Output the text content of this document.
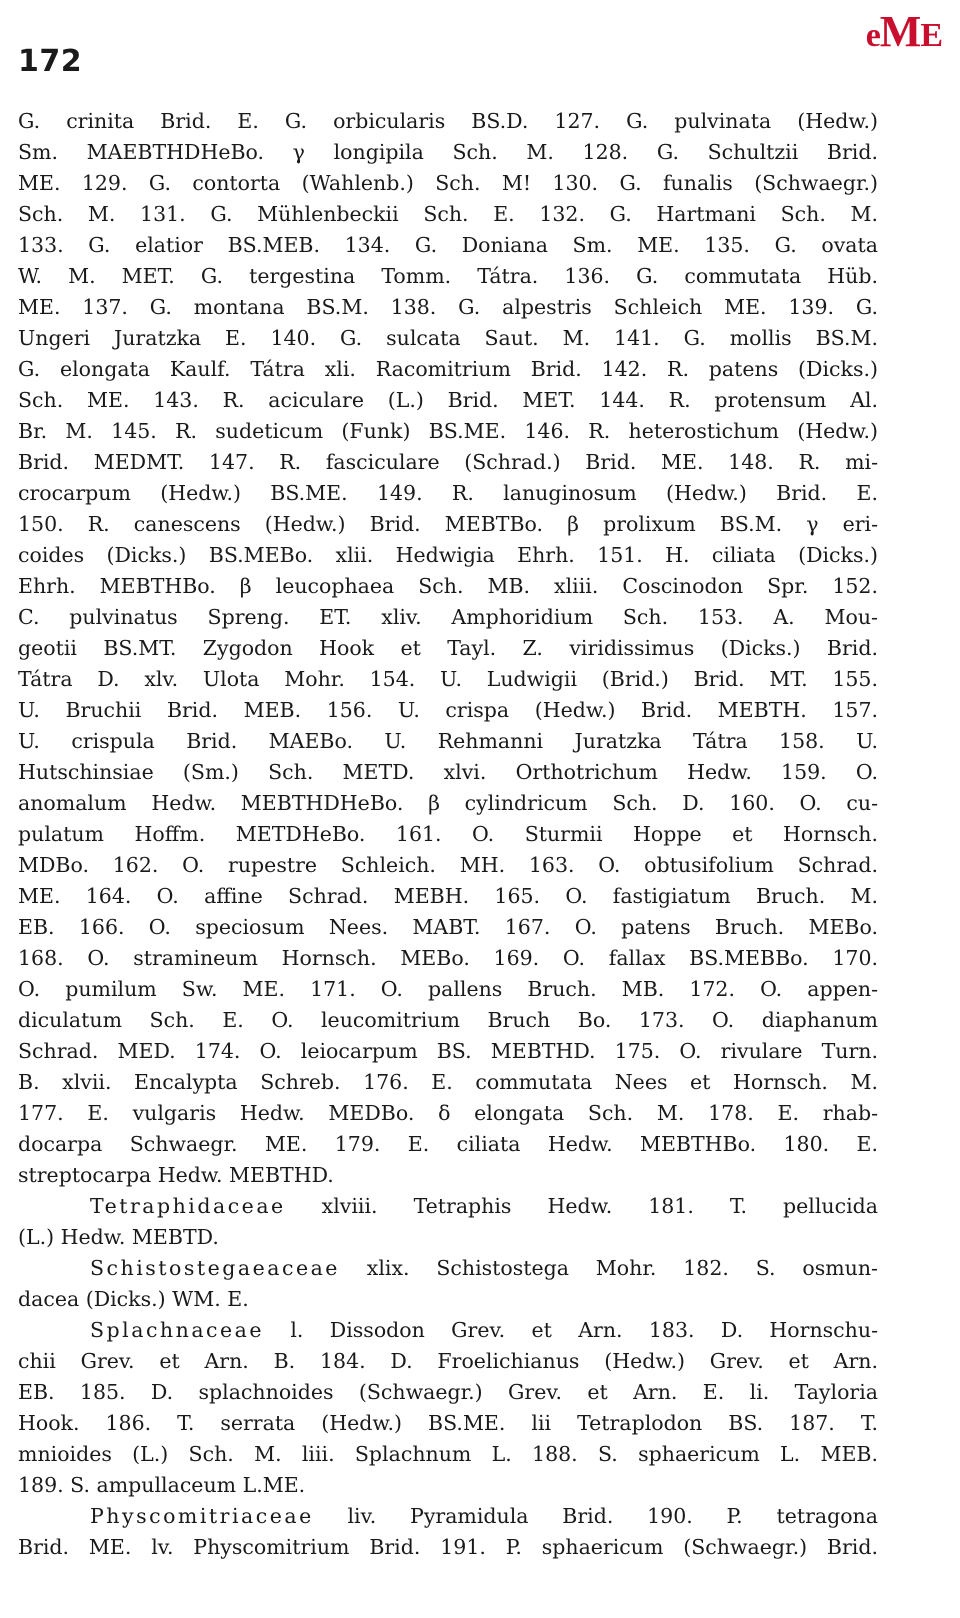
172
eME
G. crinita Brid. E. G. orbicularis BS.D. 127. G. pulvinata (Hedw.)
Sm. MAEBTHDHeBo. γ longipila Sch. M. 128. G. Schultzii Brid.
ME. 129. G. contorta (Wahlenb.) Sch. M! 130. G. funalis (Schwaegr.)
Sch. M. 131. G. Mühlenbeckii Sch. E. 132. G. Hartmani Sch. M.
133. G. elatior BS.MEB. 134. G. Doniana Sm. ME. 135. G. ovata
W. M. MET. G. tergestina Tomm. Tátra. 136. G. commutata Hüb.
ME. 137. G. montana BS.M. 138. G. alpestris Schleich ME. 139. G.
Ungeri Juratzka E. 140. G. sulcata Saut. M. 141. G. mollis BS.M.
G. elongata Kaulf. Tátra xli. Racomitrium Brid. 142. R. patens (Dicks.)
Sch. ME. 143. R. aciculare (L.) Brid. MET. 144. R. protensum Al.
Br. M. 145. R. sudeticum (Funk) BS.ME. 146. R. heterostichum (Hedw.)
Brid. MEDMT. 147. R. fasciculare (Schrad.) Brid. ME. 148. R. mi-
crocarpum (Hedw.) BS.ME. 149. R. lanuginosum (Hedw.) Brid. E.
150. R. canescens (Hedw.) Brid. MEBTBo. β prolixum BS.M. γ eri-
coides (Dicks.) BS.MEBo. xlii. Hedwigia Ehrh. 151. H. ciliata (Dicks.)
Ehrh. MEBTHBo. β leucophaea Sch. MB. xliii. Coscinodon Spr. 152.
C. pulvinatus Spreng. ET. xliv. Amphoridium Sch. 153. A. Mou-
geotii BS.MT. Zygodon Hook et Tayl. Z. viridissimus (Dicks.) Brid.
Tátra D. xlv. Ulota Mohr. 154. U. Ludwigii (Brid.) Brid. MT. 155.
U. Bruchii Brid. MEB. 156. U. crispa (Hedw.) Brid. MEBTH. 157.
U. crispula Brid. MAEBo. U. Rehmanni Juratzka Tátra 158. U.
Hutschinsiae (Sm.) Sch. METD. xlvi. Orthotrichum Hedw. 159. O.
anomalum Hedw. MEBTHDHeBo. β cylindricum Sch. D. 160. O. cu-
pulatum Hoffm. METDHeBo. 161. O. Sturmii Hoppe et Hornsch.
MDBo. 162. O. rupestre Schleich. MH. 163. O. obtusifolium Schrad.
ME. 164. O. affine Schrad. MEBH. 165. O. fastigiatum Bruch. M.
EB. 166. O. speciosum Nees. MABT. 167. O. patens Bruch. MEBo.
168. O. stramineum Hornsch. MEBo. 169. O. fallax BS.MEBBo. 170.
O. pumilum Sw. ME. 171. O. pallens Bruch. MB. 172. O. appen-
diculatum Sch. E. O. leucomitrium Bruch Bo. 173. O. diaphanum
Schrad. MED. 174. O. leiocarpum BS. MEBTHD. 175. O. rivulare Turn.
B. xlvii. Encalypta Schreb. 176. E. commutata Nees et Hornsch. M.
177. E. vulgaris Hedw. MEDBo. δ elongata Sch. M. 178. E. rhab-
docarpa Schwaegr. ME. 179. E. ciliata Hedw. MEBTHBo. 180. E.
streptocarpa Hedw. MEBTHD.
Tetraphidaceae xlviii. Tetraphis Hedw. 181. T. pellucida
(L.) Hedw. MEBTD.
Schistostegaeaceae xlix. Schistostega Mohr. 182. S. osmun-
dacea (Dicks.) WM. E.
Splachnaceae l. Dissodon Grev. et Arn. 183. D. Hornschu-
chii Grev. et Arn. B. 184. D. Froelichianus (Hedw.) Grev. et Arn.
EB. 185. D. splachnoides (Schwaegr.) Grev. et Arn. E. li. Tayloria
Hook. 186. T. serrata (Hedw.) BS.ME. lii Tetraplodon BS. 187. T.
mnioides (L.) Sch. M. liii. Splachnum L. 188. S. sphaericum L. MEB.
189. S. ampullaceum L.ME.
Physcomitriaceae liv. Pyramidula Brid. 190. P. tetragona
Brid. ME. lv. Physcomitrium Brid. 191. P. sphaericum (Schwaegr.) Brid.
